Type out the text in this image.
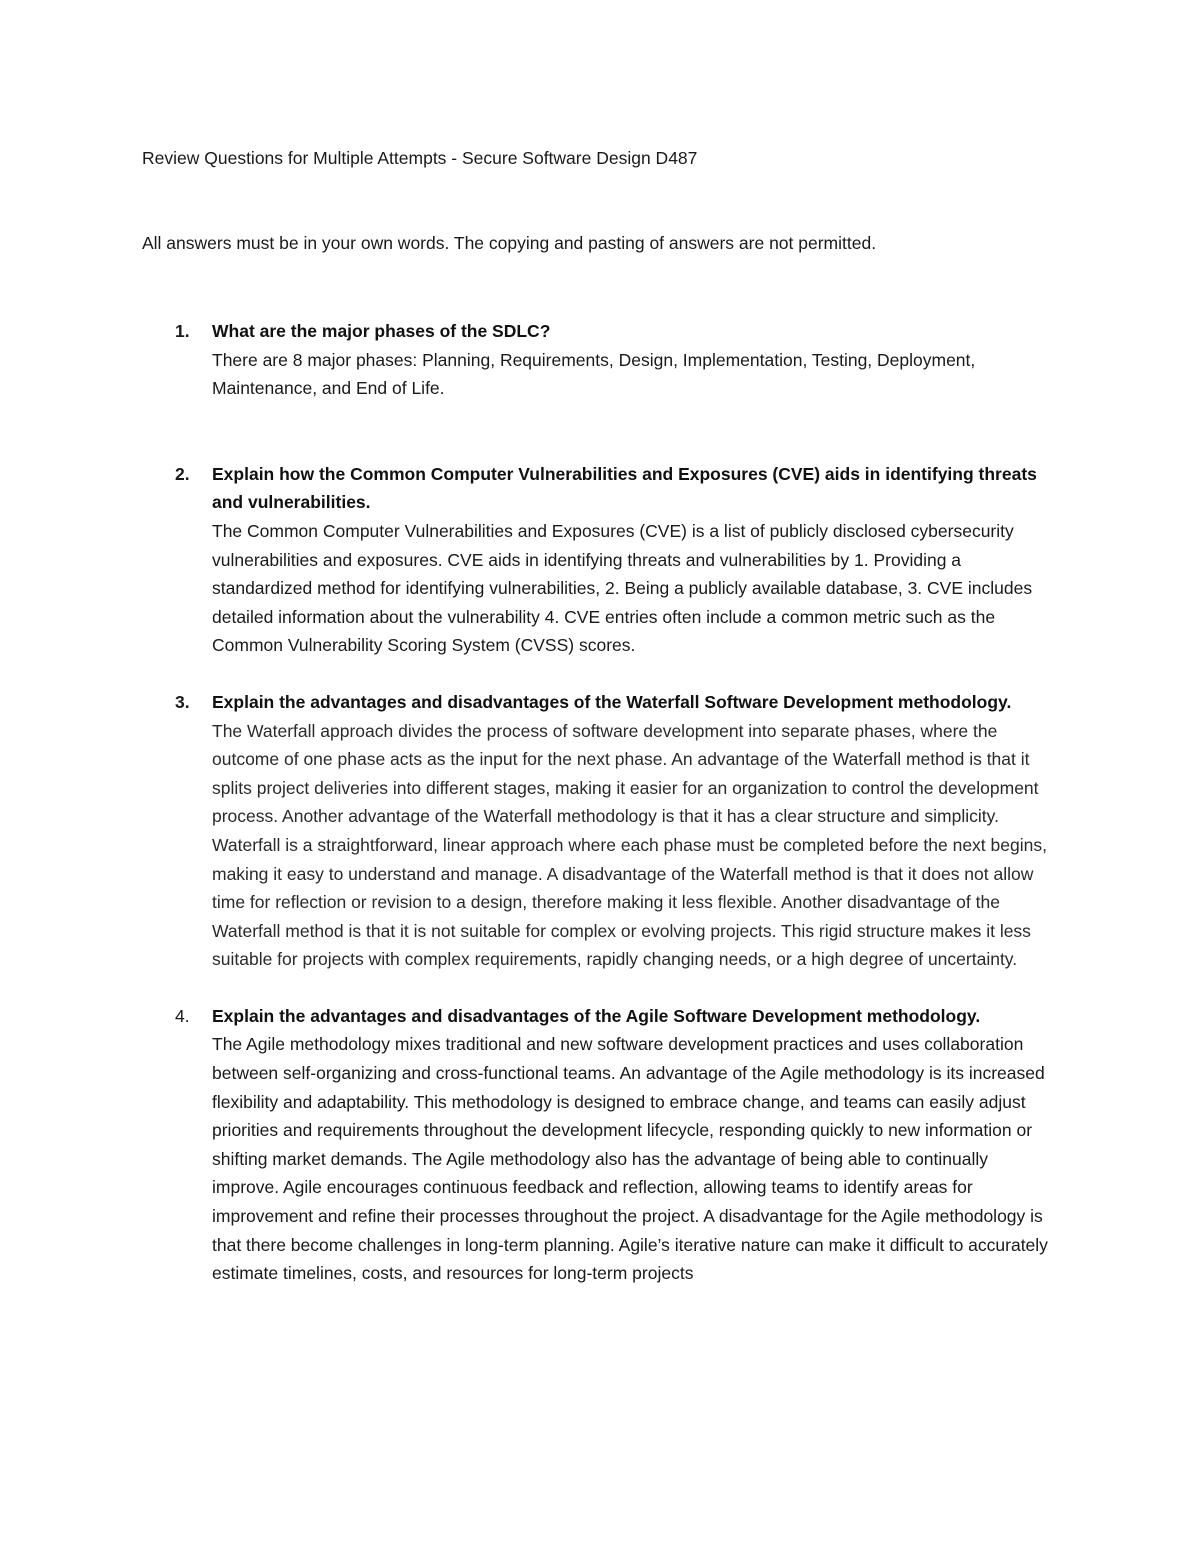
Review Questions for Multiple Attempts - Secure Software Design D487
All answers must be in your own words. The copying and pasting of answers are not permitted.
1. What are the major phases of the SDLC?
There are 8 major phases: Planning, Requirements, Design, Implementation, Testing, Deployment, Maintenance, and End of Life.
2. Explain how the Common Computer Vulnerabilities and Exposures (CVE) aids in identifying threats and vulnerabilities.
The Common Computer Vulnerabilities and Exposures (CVE) is a list of publicly disclosed cybersecurity vulnerabilities and exposures. CVE aids in identifying threats and vulnerabilities by 1. Providing a standardized method for identifying vulnerabilities, 2. Being a publicly available database, 3. CVE includes detailed information about the vulnerability 4. CVE entries often include a common metric such as the Common Vulnerability Scoring System (CVSS) scores.
3. Explain the advantages and disadvantages of the Waterfall Software Development methodology.
The Waterfall approach divides the process of software development into separate phases, where the outcome of one phase acts as the input for the next phase. An advantage of the Waterfall method is that it splits project deliveries into different stages, making it easier for an organization to control the development process. Another advantage of the Waterfall methodology is that it has a clear structure and simplicity. Waterfall is a straightforward, linear approach where each phase must be completed before the next begins, making it easy to understand and manage. A disadvantage of the Waterfall method is that it does not allow time for reflection or revision to a design, therefore making it less flexible. Another disadvantage of the Waterfall method is that it is not suitable for complex or evolving projects. This rigid structure makes it less suitable for projects with complex requirements, rapidly changing needs, or a high degree of uncertainty.
4. Explain the advantages and disadvantages of the Agile Software Development methodology.
The Agile methodology mixes traditional and new software development practices and uses collaboration between self-organizing and cross-functional teams. An advantage of the Agile methodology is its increased flexibility and adaptability. This methodology is designed to embrace change, and teams can easily adjust priorities and requirements throughout the development lifecycle, responding quickly to new information or shifting market demands. The Agile methodology also has the advantage of being able to continually improve. Agile encourages continuous feedback and reflection, allowing teams to identify areas for improvement and refine their processes throughout the project. A disadvantage for the Agile methodology is that there become challenges in long-term planning. Agile’s iterative nature can make it difficult to accurately estimate timelines, costs, and resources for long-term projects
